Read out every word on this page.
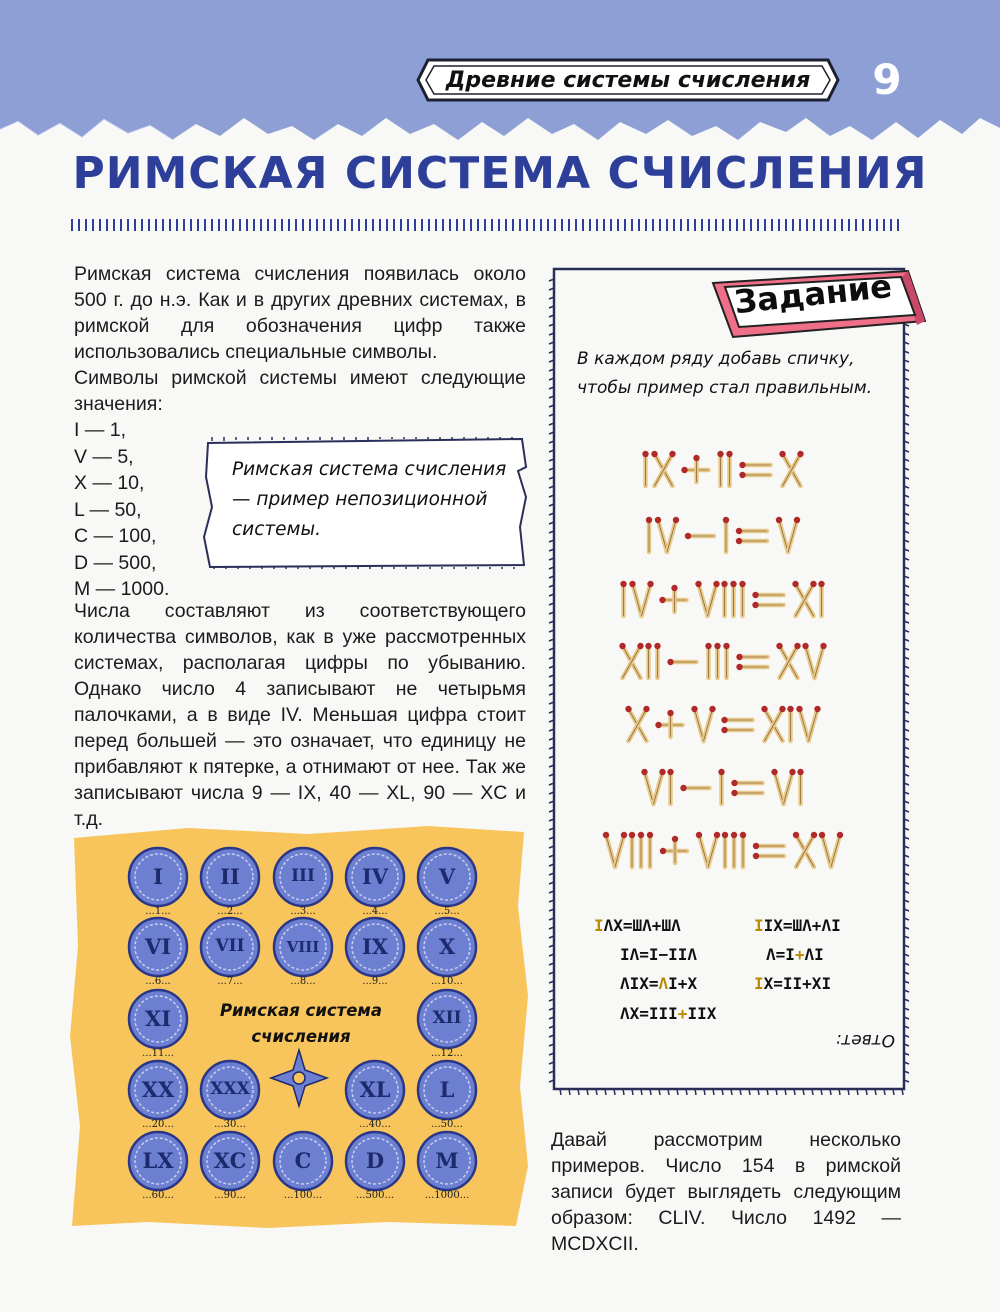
Древние системы счисления	9
РИМСКАЯ СИСТЕМА СЧИСЛЕНИЯ
Римская система счисления появилась около 500 г. до н.э. Как и в других древних системах, в римской для обозначения цифр также использовались специальные символы.
Символы римской системы имеют следующие значения:
I — 1,
V — 5,
X — 10,
L — 50,
C — 100,
D — 500,
M — 1000.
Числа составляют из соответствующего количества символов, как в уже рассмотренных системах, располагая цифры по убыванию. Однако число 4 записывают не четырьмя палочками, а в виде IV. Меньшая цифра стоит перед большей — это означает, что единицу не прибавляют к пятерке, а отнимают от нее. Так же записывают числа 9 — IX, 40 — XL, 90 — XC и т.д.
Римская система счисления — пример непозиционной системы.
Задание
В каждом ряду добавь спичку, чтобы пример стал правильным.
IΛX=ШΛ+ШΛ	IIX=ШΛ+ΛI
IΛ=I−IIΛ	Λ=I+ΛI
ΛIX=ΛI+X	IX=II+XI
ΛX=III+IIX
Ответ:
Давай рассмотрим несколько примеров. Число 154 в римской записи будет выглядеть следующим образом: CLIV. Число 1492 — MCDXCII.
I
...1...
II
...2...
III
...3...
IV
...4...
V
...5...
VI
...6...
VII
...7...
VIII
...8...
IX
...9...
X
...10...
XI
...11...
XII
...12...
XX
...20...
XXX
...30...
XL
...40...
L
...50...
LX
...60...
XC
...90...
C
...100...
D
...500...
M
...1000...
Римская система счисления
